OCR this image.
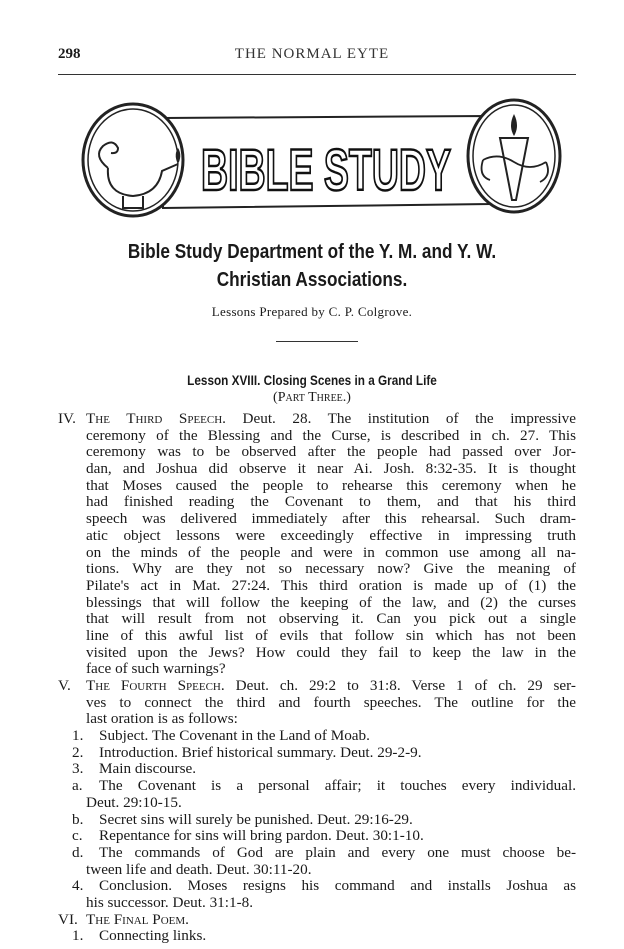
298	THE NORMAL EYTE
BIBLE STUDY
Bible Study Department of the Y. M. and Y. W.
Christian Associations.
Lessons Prepared by C. P. Colgrove.
Lesson XVIII. Closing Scenes in a Grand Life
(Part Three.)
IV. The Third Speech. Deut. 28. The institution of the impressive
ceremony of the Blessing and the Curse, is described in ch. 27. This
ceremony was to be observed after the people had passed over Jor-
dan, and Joshua did observe it near Ai. Josh. 8:32-35. It is thought
that Moses caused the people to rehearse this ceremony when he
had finished reading the Covenant to them, and that his third
speech was delivered immediately after this rehearsal. Such dram-
atic object lessons were exceedingly effective in impressing truth
on the minds of the people and were in common use among all na-
tions. Why are they not so necessary now? Give the meaning of
Pilate's act in Mat. 27:24. This third oration is made up of (1) the
blessings that will follow the keeping of the law, and (2) the curses
that will result from not observing it. Can you pick out a single
line of this awful list of evils that follow sin which has not been
visited upon the Jews? How could they fail to keep the law in the
face of such warnings?
V. The Fourth Speech. Deut. ch. 29:2 to 31:8. Verse 1 of ch. 29 ser-
ves to connect the third and fourth speeches. The outline for the
last oration is as follows:
1. Subject. The Covenant in the Land of Moab.
2. Introduction. Brief historical summary. Deut. 29-2-9.
3. Main discourse.
a. The Covenant is a personal affair; it touches every individual.
Deut. 29:10-15.
b. Secret sins will surely be punished. Deut. 29:16-29.
c. Repentance for sins will bring pardon. Deut. 30:1-10.
d. The commands of God are plain and every one must choose be-
tween life and death. Deut. 30:11-20.
4. Conclusion. Moses resigns his command and installs Joshua as
his successor. Deut. 31:1-8.
VI. The Final Poem.
1. Connecting links.
